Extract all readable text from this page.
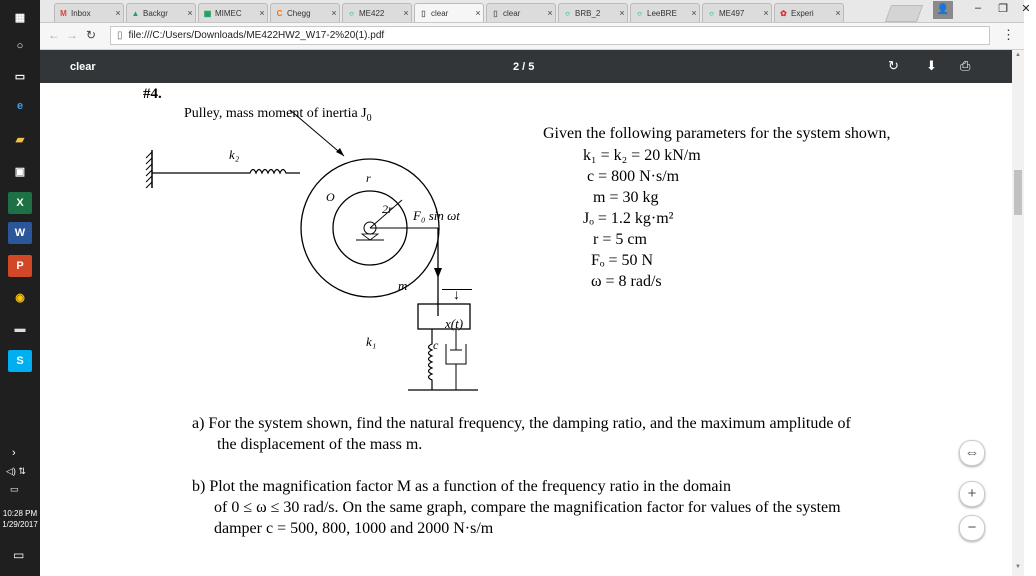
▦
○
▭
e
▰
▣
X
W
P
◉
▬
S
›
◁) ⇅
▭
10:28 PM
1/29/2017
▭
M Inbox	× ▲ Backgr	× ▦ MIMEC	× C Chegg	× ○ ME422	× ▯ clear	× ▯ clear	× ○ BRB_2	× ○ LeeBRE	× ○ ME497	× ✿ Experi	×	👤	–	❐	✕
← → ↻ ▯ file:///C:/Users/Downloads/ME422HW2_W17-2%20(1).pdf	⋮
clear	2 / 5	↻ ⬇ ⎙
▲
▼
#4.
Pulley, mass moment of inertia $J_0$
k₂
r
O
2r F₀ sin ωt
m
x(t)
k₁	c
↓
Given the following parameters for the system shown,
k₁ = k₂ = 20 kN/m
c = 800 N·s/m
m = 30 kg
Jₒ = 1.2 kg·m²
r = 5 cm
Fₒ = 50 N
ω = 8 rad/s
a) For the system shown, find the natural frequency, the damping ratio, and the maximum amplitude of
the displacement of the mass m.
b) Plot the magnification factor M as a function of the frequency ratio in the domain
of 0 ≤ ω ≤ 30 rad/s. On the same graph, compare the magnification factor for values of the system
damper c = 500, 800, 1000 and 2000 N·s/m
⇔
+
−
